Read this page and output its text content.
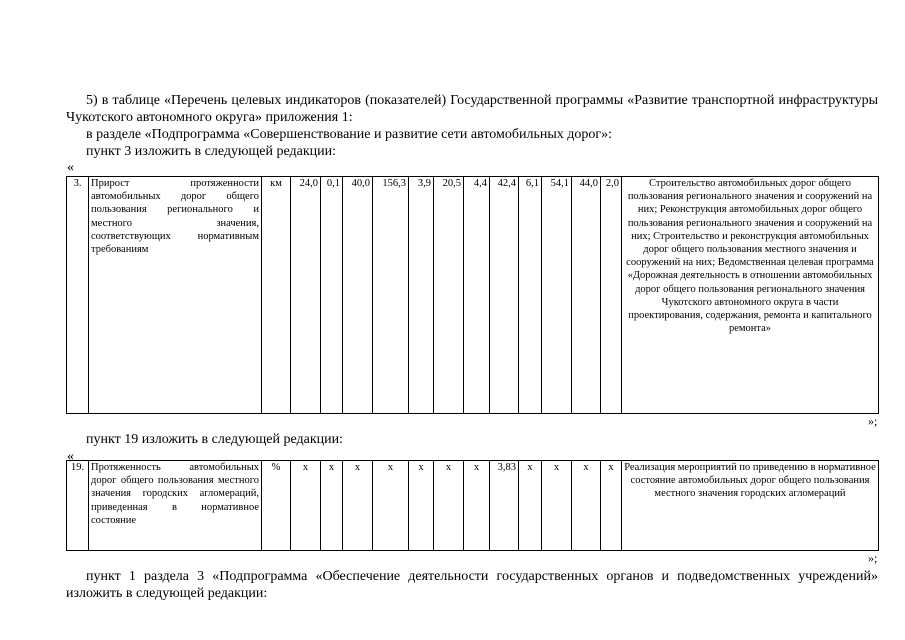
5) в таблице «Перечень целевых индикаторов (показателей) Государственной программы «Развитие транспортной инфраструктуры Чукотского автономного округа» приложения 1:

в разделе «Подпрограмма «Совершенствование и развитие сети автомобильных дорог»:
пункт 3 изложить в следующей редакции:
«
3.	Прирост протяженности автомобильных дорог общего пользования регионального и местного значения, соответствующих нормативным требованиям	км	24,0	0,1	40,0	156,3	3,9	20,5	4,4	42,4	6,1	54,1	44,0	2,0	Строительство автомобильных дорог общего пользования регионального значения и сооружений на них; Реконструкция автомобильных дорог общего пользования регионального значения и сооружений на них; Строительство и реконструкция автомобильных дорог общего пользования местного значения и сооружений на них; Ведомственная целевая программа «Дорожная деятельность в отношении автомобильных дорог общего пользования регионального значения Чукотского автономного округа в части проектирования, содержания, ремонта и капитального ремонта»
»;
пункт 19 изложить в следующей редакции:
«
19.	Протяженность автомобильных дорог общего пользования местного значения городских агломераций, приведенная в нормативное состояние	%	х	х	х	х	х	х	х	3,83	х	х	х	х	Реализация мероприятий по приведению в нормативное состояние автомобильных дорог общего пользования местного значения городских агломераций
»;

пункт 1 раздела 3 «Подпрограмма «Обеспечение деятельности государственных органов и подведомственных учреждений» изложить в следующей редакции:
